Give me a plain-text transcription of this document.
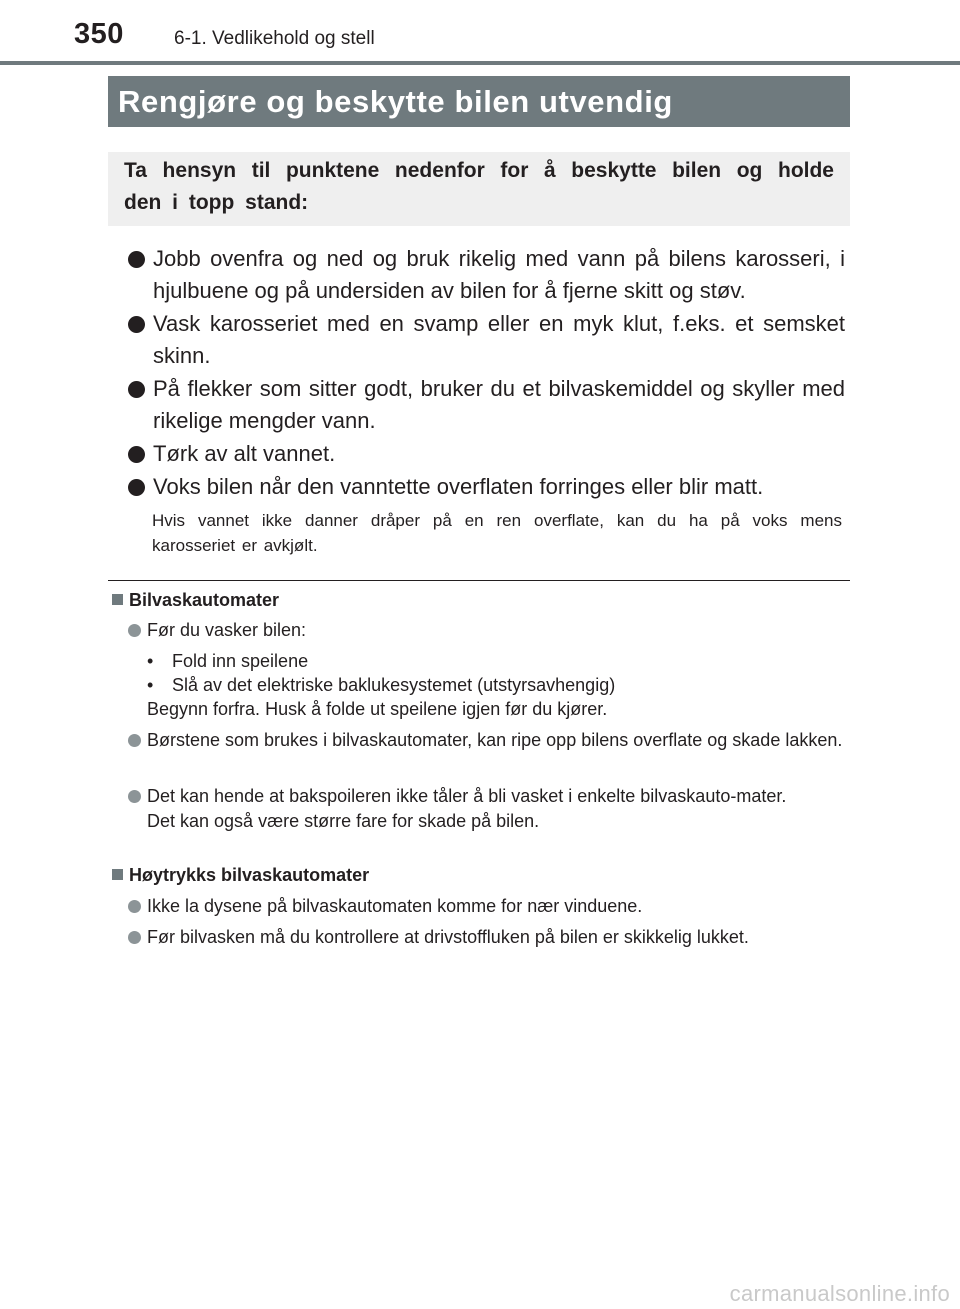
350	6-1. Vedlikehold og stell
Rengjøre og beskytte bilen utvendig
Ta hensyn til punktene nedenfor for å beskytte bilen og holde den i topp stand:
Jobb ovenfra og ned og bruk rikelig med vann på bilens karosseri, i hjulbuene og på undersiden av bilen for å fjerne skitt og støv.
Vask karosseriet med en svamp eller en myk klut, f.eks. et semsket skinn.
På flekker som sitter godt, bruker du et bilvaskemiddel og skyller med rikelige mengder vann.
Tørk av alt vannet.
Voks bilen når den vanntette overflaten forringes eller blir matt.
Hvis vannet ikke danner dråper på en ren overflate, kan du ha på voks mens karosseriet er avkjølt.
Bilvaskautomater
Før du vasker bilen:
• Fold inn speilene
• Slå av det elektriske baklukesystemet (utstyrsavhengig)
Begynn forfra. Husk å folde ut speilene igjen før du kjører.
Børstene som brukes i bilvaskautomater, kan ripe opp bilens overflate og skade lakken.
Det kan hende at bakspoileren ikke tåler å bli vasket i enkelte bilvaskauto-mater.
Det kan også være større fare for skade på bilen.
Høytrykks bilvaskautomater
Ikke la dysene på bilvaskautomaten komme for nær vinduene.
Før bilvasken må du kontrollere at drivstoffluken på bilen er skikkelig lukket.
carmanualsonline.info
